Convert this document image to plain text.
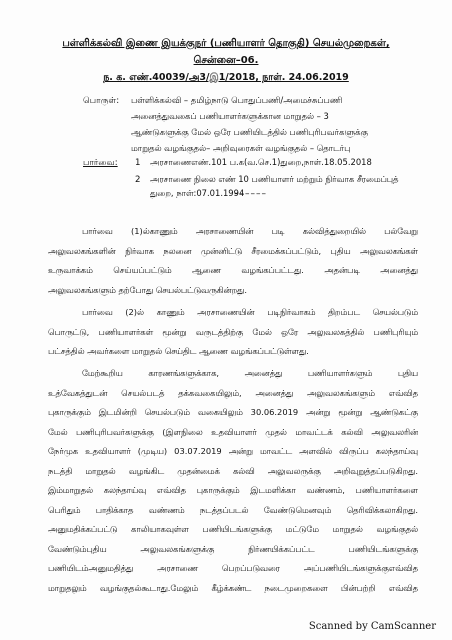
பள்ளிக்கல்வி இணை இயக்குநர் (பணியாளர் தொகுதி) செயல்முறைகள்,
சென்னை–06.
ந. க. எண்.40039/அ3/இ1/2018, நாள். 24.06.2019
பொருள்: பள்ளிக்கல்வி – தமிழ்நாடு பொதுப்பணி/அமைச்சுப்பணி
அனைத்துவகைப் பணியாளர்களுக்கான மாறுதல் – 3
ஆண்டுகளுக்கு மேல் ஒரே பணியிடத்தில் பணிபுரிபவர்களுக்கு
மாறுதல் வழங்குதல்– அறிவுரைகள் வழங்குதல் – தொடர்பு
பார்வை: 1 அரசாணைஎண்.101 ப.க(வ.செ.1)துறை,நாள்.18.05.2018
2 அரசாணை நிலை எண் 10 பணியாளர் மற்றும் நிர்வாக சீரமைப்புத்
துறை, நாள்:07.01.1994
––––––
பார்வை (1)ல்காணும் அரசாணையின் படி கல்வித்துறையில் பல்வேறு
அலுவலகங்களின் நிர்வாக நலனை முன்னிட்டு சீரமைக்கப்பட்டும், புதிய அலுவலகங்கள்
உருவாக்கம் செய்யப்பட்டும் ஆணை வழங்கப்பட்டது. அதன்படி அனைத்து
அலுவலகங்களும் தற்போது செயல்பட்டுவருகின்றது.
பார்வை (2)ல் காணும் அரசாணையின் படிநிர்வாகம் திறம்பட செயல்படும்
பொருட்டு, பணியாளர்கள் மூன்று வருடத்திற்கு மேல் ஒரே அலுவலகத்தில் பணிபுரியும்
பட்சத்தில் அவர்களை மாறுதல் செய்திட ஆணை வழங்கப்பட்டுள்ளது.
மேற்கூறிய காரணங்களுக்காக, அனைத்து பணியாளர்களும் புதிய
உத்வேகத்துடன் செயல்படத் தக்கவகையிலும், அனைத்து அலுவலகங்களும் எவ்வித
புகாருக்கும் இடமின்றி செயல்படும் வகையிலும் 30.06.2019 அன்று மூன்று ஆண்டுகட்கு
மேல் பணிபுரிபவர்களுக்கு (இளநிலை உதவியாளர் முதல் மாவட்டக் கல்வி அலுவலரின்
நேர்முக உதவியாளர் (முடிய) 03.07.2019 அன்று மாவட்ட அளவில் விருப்ப கலந்தாய்வு
நடத்தி மாறுதல் வழங்கிட முதன்மைக் கல்வி அலுவலருக்கு அறிவுறுத்தப்படுகிறது.
இம்மாறுதல் கலந்தாய்வு எவ்வித புகாருக்கும் இடமளிக்கா வண்ணம், பணியாளர்களை
பெரிதும் பாதிக்காத வண்ணம் நடத்தப்படல் வேண்டுமெனவும் தெரிவிக்கலாகிறது.
அனுமதிக்கப்பட்டு காலியாகவுள்ள பணியிடங்களுக்கு மட்டுமே மாறுதல் வழங்குதல்
வேண்டும்புதிய அலுவலகங்களுக்கு நிர்ணயிக்கப்பட்ட பணியிடங்களுக்கு
பணியிடம்அனுமதித்து அரசாணை பெறப்படுவரை அப்பணியிடங்களுக்குஎவ்வித
மாறுதலும் வழங்குதல்கூடாது.மேலும் கீழ்க்கண்ட நடைமுறைகளை பின்பற்றி எவ்வித
Scanned by CamScanner
